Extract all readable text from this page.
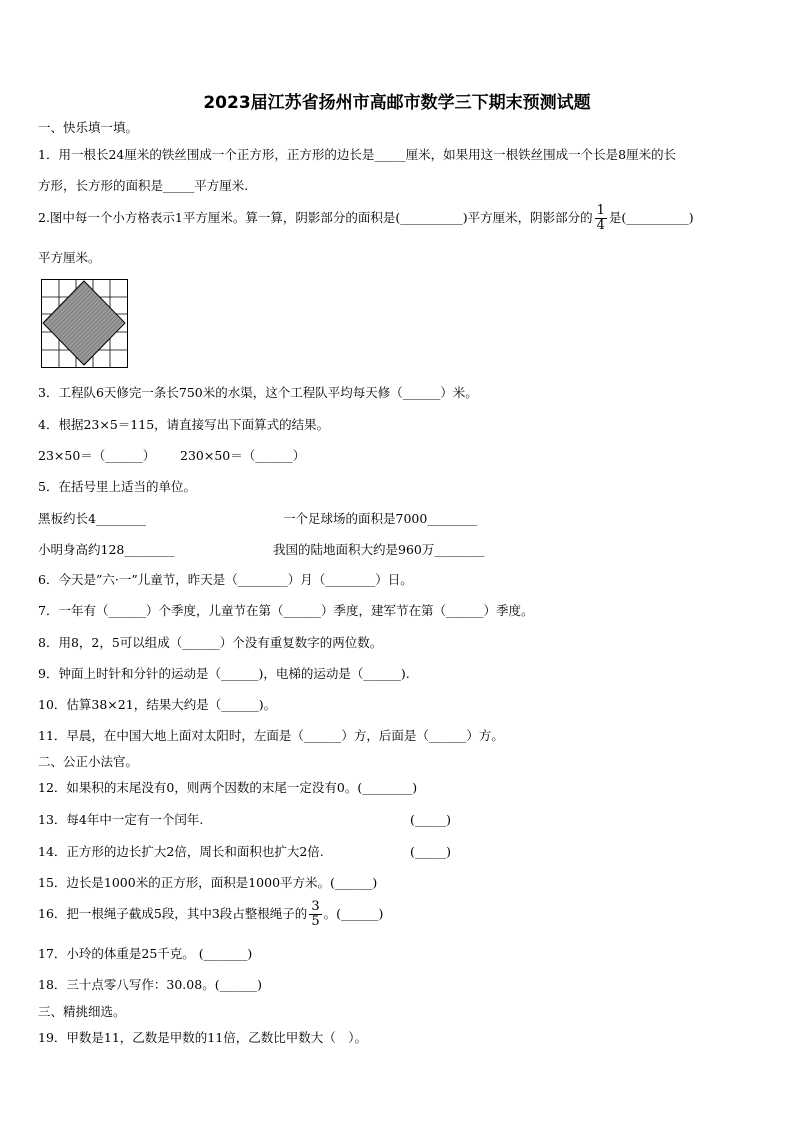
2023届江苏省扬州市高邮市数学三下期末预测试题
一、快乐填一填。
1．用一根长24厘米的铁丝围成一个正方形，正方形的边长是_____厘米，如果用这一根铁丝围成一个长是8厘米的长
方形，长方形的面积是_____平方厘米.
2.图中每一个小方格表示1平方厘米。算一算，阴影部分的面积是(__________)平方厘米，阴影部分的 $\frac{1}{4}$ 是(__________)
平方厘米。
3．工程队6天修完一条长750米的水渠，这个工程队平均每天修（______）米。
4．根据23×5＝115，请直接写出下面算式的结果。
23×50＝（______） 230×50＝（______）
5．在括号里上适当的单位。
黑板约长4________	一个足球场的面积是7000________
小明身高约128________	我国的陆地面积大约是960万________
6．今天是”六·一”儿童节，昨天是（________）月（________）日。
7．一年有（______）个季度，儿童节在第（______）季度，建军节在第（______）季度。
8．用8，2，5可以组成（______）个没有重复数字的两位数。
9．钟面上时针和分针的运动是（______)，电梯的运动是（______).
10．估算38×21，结果大约是（______)。
11．早晨，在中国大地上面对太阳时，左面是（______）方，后面是（______）方。
二、公正小法官。
12．如果积的末尾没有0，则两个因数的末尾一定没有0。(________)
13．每4年中一定有一个闰年.	(_____)
14．正方形的边长扩大2倍，周长和面积也扩大2倍.	(_____)
15．边长是1000米的正方形，面积是1000平方米。(______)
16．把一根绳子截成5段，其中3段占整根绳子的 $\frac{3}{5}$ 。(______)
17．小玲的体重是25千克。 (_______)
18．三十点零八写作：30.08。(______)
三、精挑细选。
19．甲数是11，乙数是甲数的11倍，乙数比甲数大（　）。
